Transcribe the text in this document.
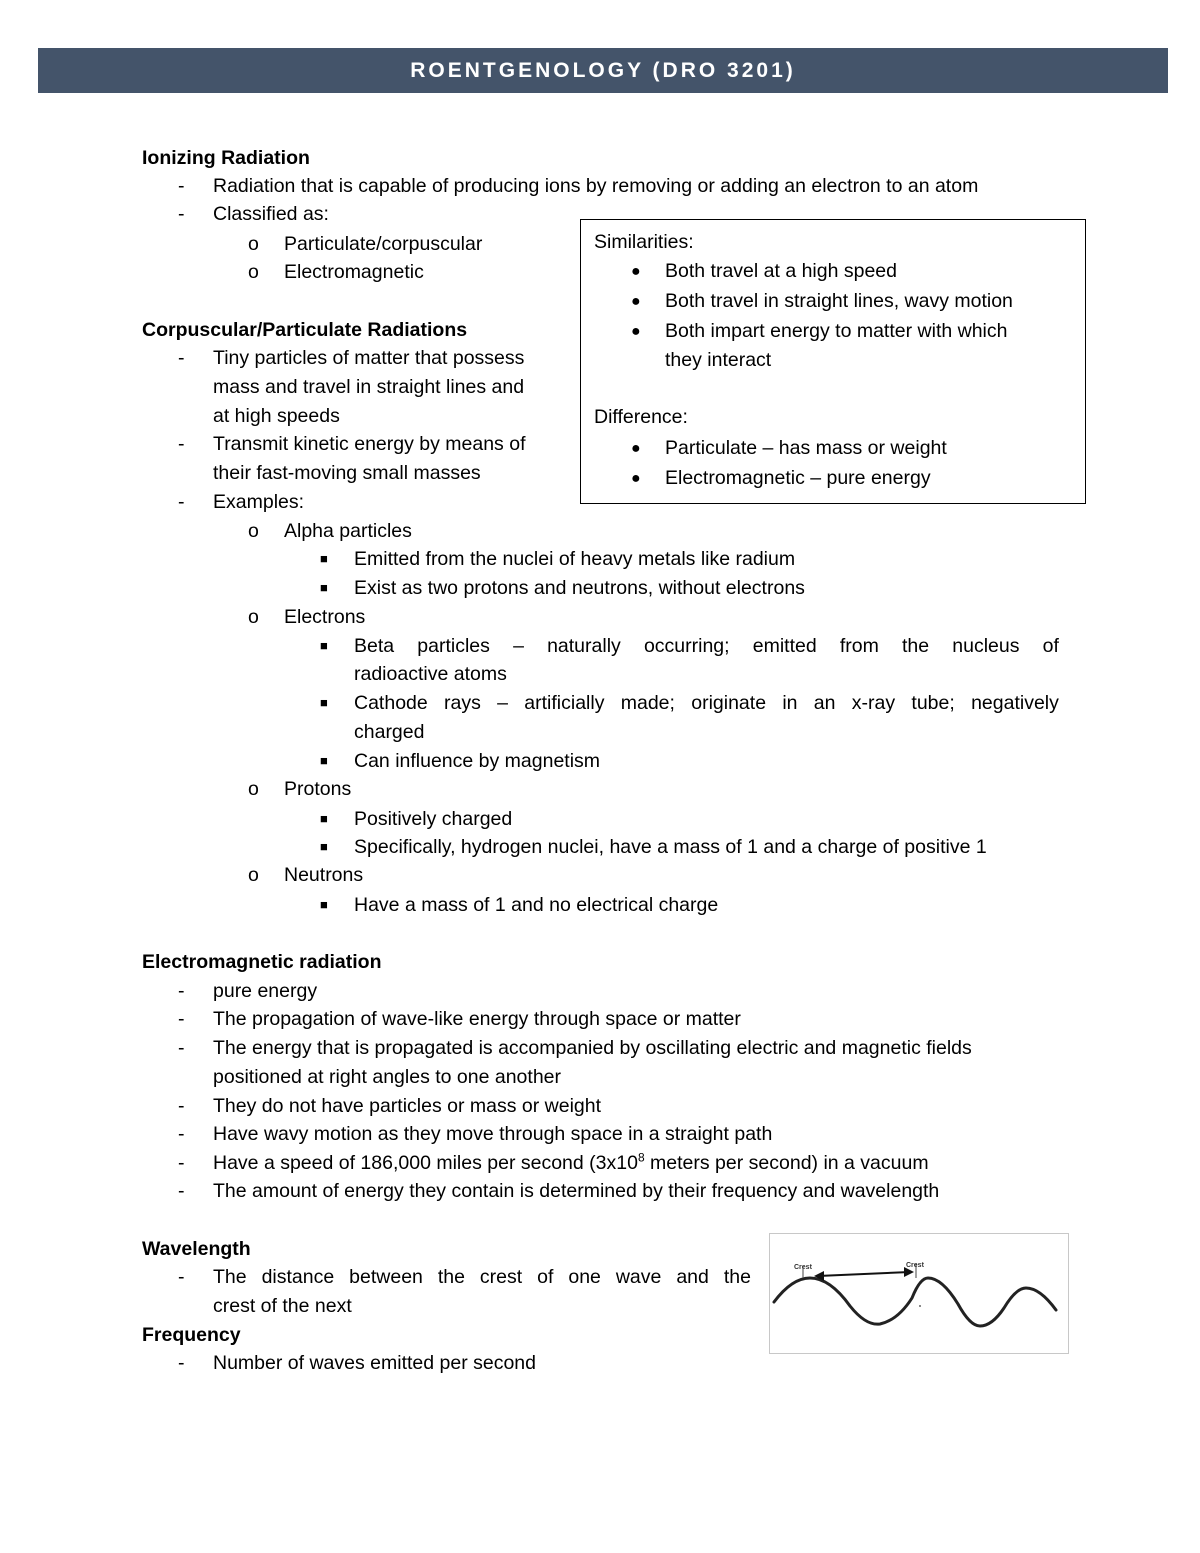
ROENTGENOLOGY (DRO 3201)
Ionizing Radiation
- Radiation that is capable of producing ions by removing or adding an electron to an atom
- Classified as:
o Particulate/corpuscular
o Electromagnetic
Similarities:
● Both travel at a high speed
● Both travel in straight lines, wavy motion
● Both impart energy to matter with which
they interact
Difference:
● Particulate – has mass or weight
● Electromagnetic – pure energy
Corpuscular/Particulate Radiations
- Tiny particles of matter that possess
mass and travel in straight lines and
at high speeds
- Transmit kinetic energy by means of
their fast-moving small masses
- Examples:
o Alpha particles
■ Emitted from the nuclei of heavy metals like radium
■ Exist as two protons and neutrons, without electrons
o Electrons
■ Beta particles – naturally occurring; emitted from the nucleus of
radioactive atoms
■ Cathode rays – artificially made; originate in an x-ray tube; negatively
charged
■ Can influence by magnetism
o Protons
■ Positively charged
■ Specifically, hydrogen nuclei, have a mass of 1 and a charge of positive 1
o Neutrons
■ Have a mass of 1 and no electrical charge
Electromagnetic radiation
- pure energy
- The propagation of wave-like energy through space or matter
- The energy that is propagated is accompanied by oscillating electric and magnetic fields
positioned at right angles to one another
- They do not have particles or mass or weight
- Have wavy motion as they move through space in a straight path
- Have a speed of 186,000 miles per second ($3x10^8$ meters per second) in a vacuum
- The amount of energy they contain is determined by their frequency and wavelength
Wavelength
- The distance between the crest of one wave and the
crest of the next
Crest	Crest
Frequency
- Number of waves emitted per second
